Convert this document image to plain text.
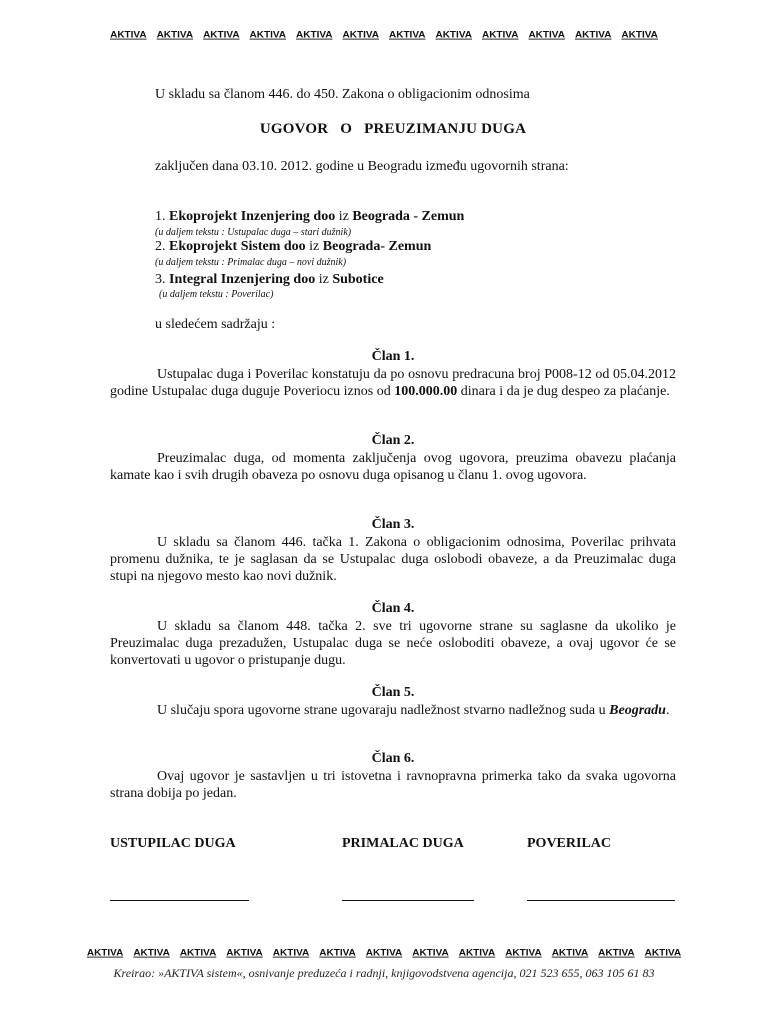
AKTIVA AKTIVA AKTIVA AKTIVA AKTIVA AKTIVA AKTIVA AKTIVA AKTIVA AKTIVA AKTIVA AKTIVA

U skladu sa članom 446. do 450. Zakona o obligacionim odnosima

UGOVOR O PREUZIMANJU DUGA

zaključen dana 03.10. 2012. godine u Beogradu između ugovornih strana:

1. Ekoprojekt Inzenjering doo iz Beograda - Zemun

(u daljem tekstu : Ustupalac duga – stari dužnik)

2. Ekoprojekt Sistem doo iz Beograda- Zemun

(u daljem tekstu : Primalac duga – novi dužnik)

3. Integral Inzenjering doo iz Subotice

(u daljem tekstu : Poverilac)

u sledećem sadržaju :

Član 1.

Ustupalac duga i Poverilac konstatuju da po osnovu predracuna broj P008-12 od 05.04.2012 godine Ustupalac duga duguje Poveriocu iznos od 100.000.00 dinara i da je dug despeo za plaćanje.

Član 2.

Preuzimalac duga, od momenta zaključenja ovog ugovora, preuzima obavezu plaćanja kamate kao i svih drugih obaveza po osnovu duga opisanog u članu 1. ovog ugovora.

Član 3.

U skladu sa članom 446. tačka 1. Zakona o obligacionim odnosima, Poverilac prihvata promenu dužnika, te je saglasan da se Ustupalac duga oslobodi obaveze, a da Preuzimalac duga stupi na njegovo mesto kao novi dužnik.

Član 4.

U skladu sa članom 448. tačka 2. sve tri ugovorne strane su saglasne da ukoliko je Preuzimalac duga prezadužen, Ustupalac duga se neće osloboditi obaveze, a ovaj ugovor će se konvertovati u ugovor o pristupanje dugu.

Član 5.

U slučaju spora ugovorne strane ugovaraju nadležnost stvarno nadležnog suda u Beogradu.

Član 6.

Ovaj ugovor je sastavljen u tri istovetna i ravnopravna primerka tako da svaka ugovorna strana dobija po jedan.

USTUPILAC DUGA	PRIMALAC DUGA	POVERILAC
AKTIVA AKTIVA AKTIVA AKTIVA AKTIVA AKTIVA AKTIVA AKTIVA AKTIVA AKTIVA AKTIVA AKTIVA AKTIVA
Kreirao: »AKTIVA sistem«, osnivanje preduzeća i radnji, knjigovodstvena agencija, 021 523 655, 063 105 61 83
